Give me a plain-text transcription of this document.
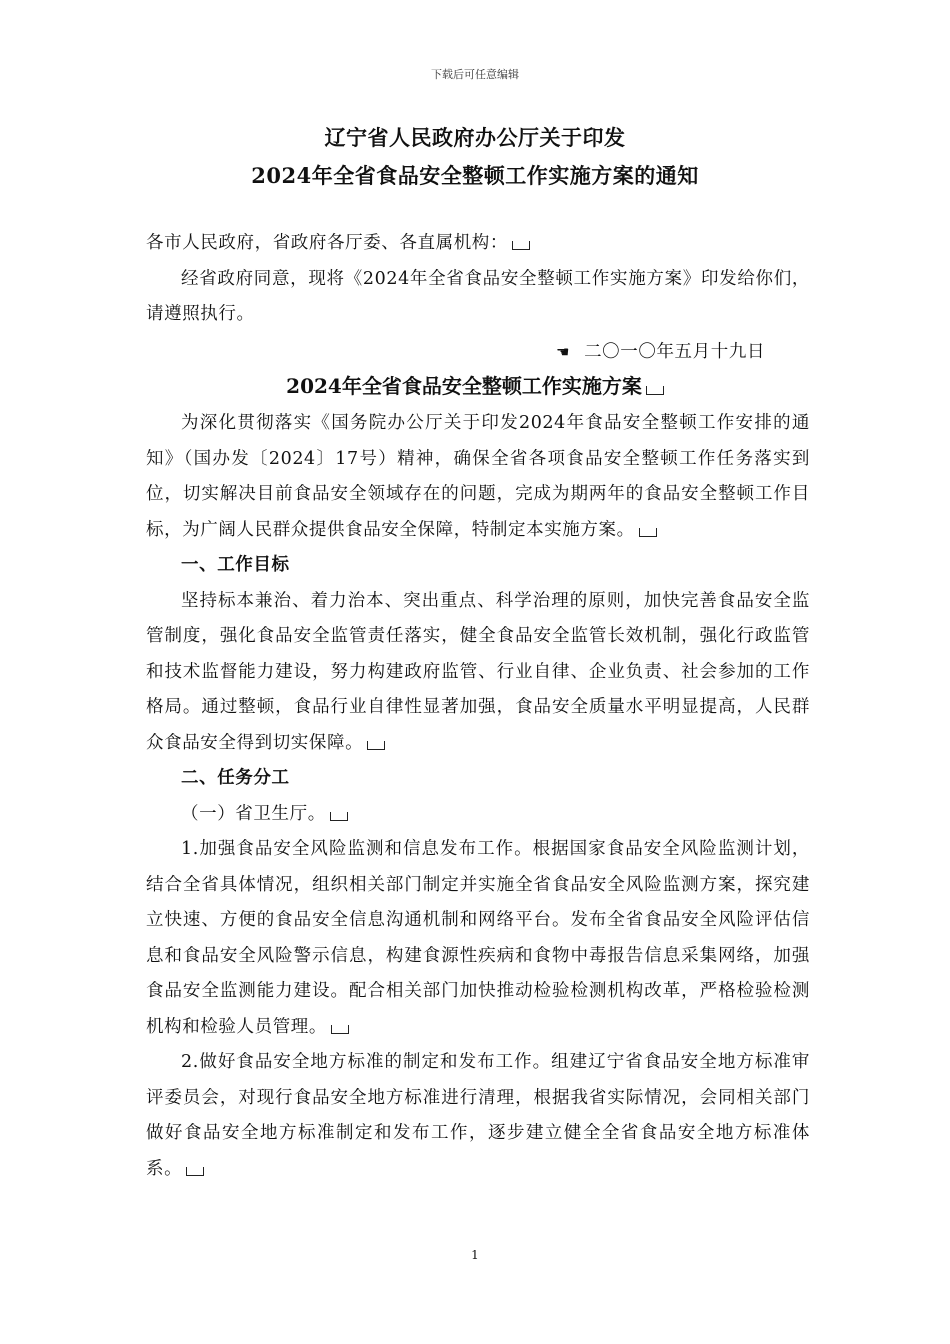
下载后可任意编辑
辽宁省人民政府办公厅关于印发
2024年全省食品安全整顿工作实施方案的通知

各市人民政府，省政府各厅委、各直属机构：

经省政府同意，现将《2024年全省食品安全整顿工作实施方案》印发给你们，请遵照执行。

☚ 二〇一〇年五月十九日
2024年全省食品安全整顿工作实施方案

为深化贯彻落实《国务院办公厅关于印发2024年食品安全整顿工作安排的通知》（国办发〔2024〕17号）精神，确保全省各项食品安全整顿工作任务落实到位，切实解决目前食品安全领域存在的问题，完成为期两年的食品安全整顿工作目标，为广阔人民群众提供食品安全保障，特制定本实施方案。

一、工作目标

坚持标本兼治、着力治本、突出重点、科学治理的原则，加快完善食品安全监管制度，强化食品安全监管责任落实，健全食品安全监管长效机制，强化行政监管和技术监督能力建设，努力构建政府监管、行业自律、企业负责、社会参加的工作格局。通过整顿，食品行业自律性显著加强，食品安全质量水平明显提高，人民群众食品安全得到切实保障。

二、任务分工

（一）省卫生厅。

1.加强食品安全风险监测和信息发布工作。根据国家食品安全风险监测计划，结合全省具体情况，组织相关部门制定并实施全省食品安全风险监测方案，探究建立快速、方便的食品安全信息沟通机制和网络平台。发布全省食品安全风险评估信息和食品安全风险警示信息，构建食源性疾病和食物中毒报告信息采集网络，加强食品安全监测能力建设。配合相关部门加快推动检验检测机构改革，严格检验检测机构和检验人员管理。

2.做好食品安全地方标准的制定和发布工作。组建辽宁省食品安全地方标准审评委员会，对现行食品安全地方标准进行清理，根据我省实际情况，会同相关部门做好食品安全地方标准制定和发布工作，逐步建立健全全省食品安全地方标准体系。

1
